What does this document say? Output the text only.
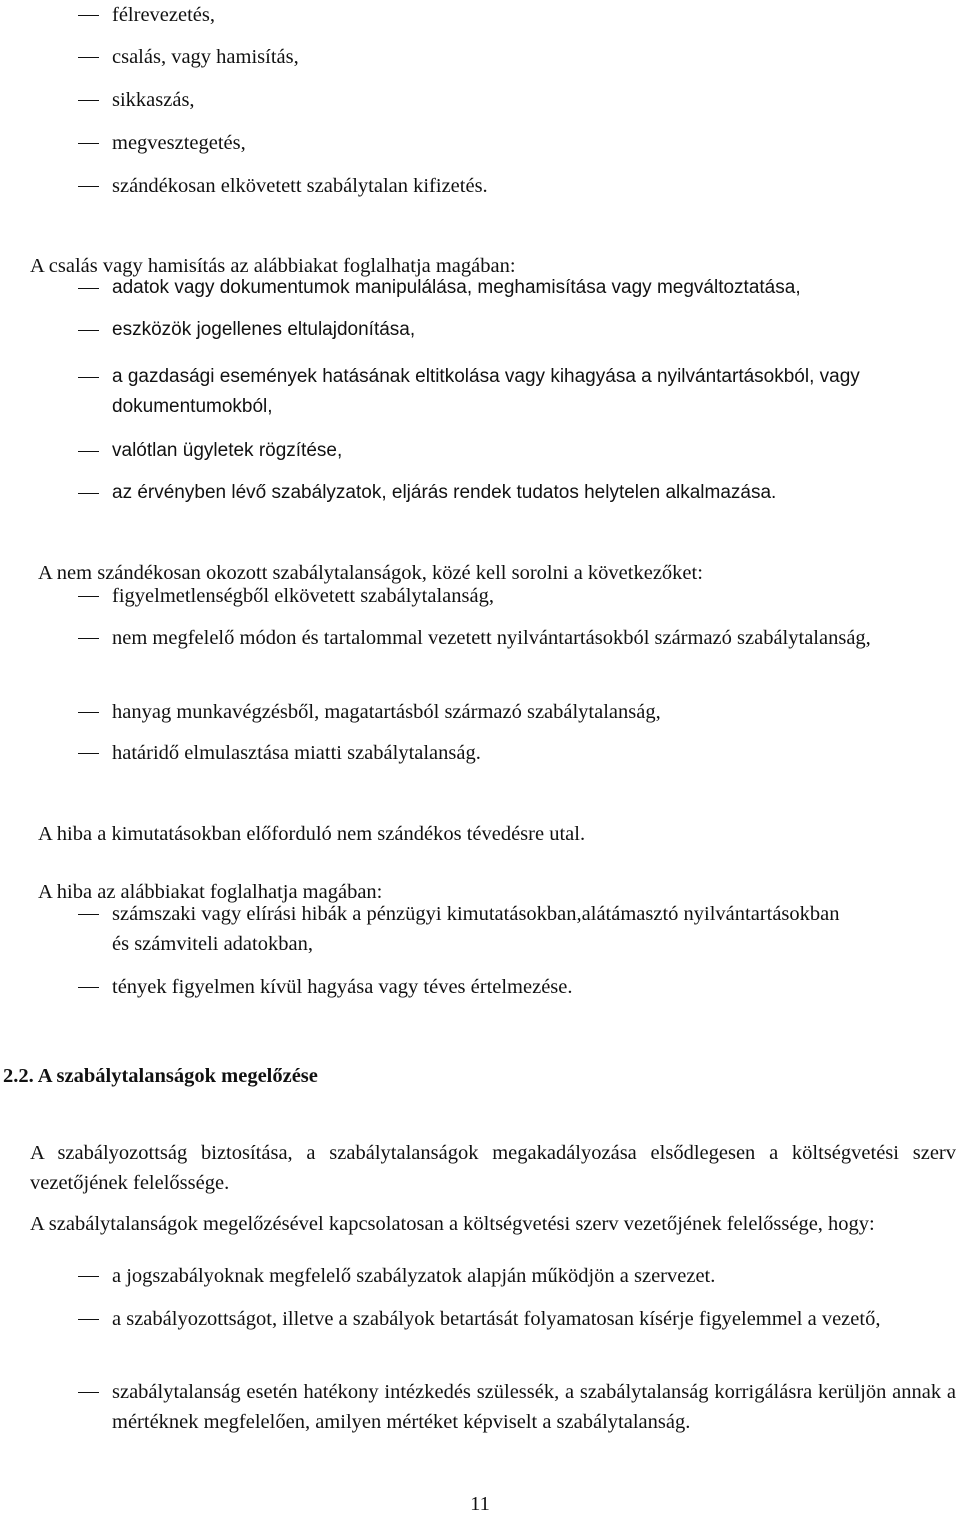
félrevezetés,
csalás, vagy hamisítás,
sikkaszás,
megvesztegetés,
szándékosan elkövetett szabálytalan kifizetés.

A csalás vagy hamisítás az alábbiakat foglalhatja magában:

adatok vagy dokumentumok manipulálása, meghamisítása vagy megváltoztatása,
eszközök jogellenes eltulajdonítása,
a gazdasági események hatásának eltitkolása vagy kihagyása a nyilvántartásokból, vagy dokumentumokból,
valótlan ügyletek rögzítése,
az érvényben lévő szabályzatok, eljárás rendek tudatos helytelen alkalmazása.

A nem szándékosan okozott szabálytalanságok, közé kell sorolni a következőket:

figyelmetlenségből elkövetett szabálytalanság,
nem megfelelő módon és tartalommal vezetett nyilvántartásokból származó szabálytalanság,
hanyag munkavégzésből, magatartásból származó szabálytalanság,
határidő elmulasztása miatti szabálytalanság.

A hiba a kimutatásokban előforduló nem szándékos tévedésre utal.

A hiba az alábbiakat foglalhatja magában:

számszaki vagy elírási hibák a pénzügyi kimutatásokban,alátámasztó nyilvántartásokban és számviteli adatokban,
tények figyelmen kívül hagyása vagy téves értelmezése.
2.2. A szabálytalanságok megelőzése

A szabályozottság biztosítása, a szabálytalanságok megakadályozása elsődlegesen a költségvetési szerv vezetőjének felelőssége.

A szabálytalanságok megelőzésével kapcsolatosan a költségvetési szerv vezetőjének felelőssége, hogy:

a jogszabályoknak megfelelő szabályzatok alapján működjön a szervezet.
a szabályozottságot, illetve a szabályok betartását folyamatosan kísérje figyelemmel a vezető,
szabálytalanság esetén hatékony intézkedés szülessék, a szabálytalanság korrigálásra kerüljön annak a mértéknek megfelelően, amilyen mértéket képviselt a szabálytalanság.
11
